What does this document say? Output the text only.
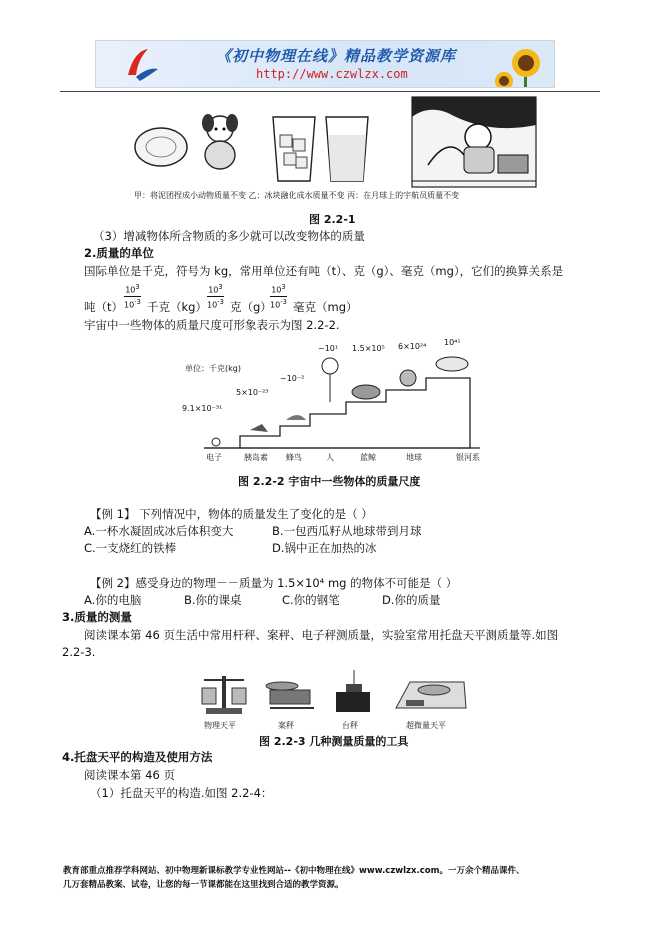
《初中物理在线》精品教学资源库
http://www.czwlzx.com
甲：将泥团捏成小动物质量不变 乙：冰块融化成水质量不变 丙：在月球上的宇航员质量不变
图 2.2-1
（3）增减物体所含物质的多少就可以改变物体的质量
2.质量的单位
国际单位是千克，符号为 kg，常用单位还有吨（t）、克（g）、毫克（mg），它们的换算关系是
吨$(t) \frac{10^3}{10^{-3}}$ 千克$(kg) \frac{10^3}{10^{-3}}$ 克（g）
$\frac{10^3}{10^{-3}}$ 毫克（mg）
宇宙中一些物体的质量尺度可形象表示为图 2.2-2.
单位：千克(kg)
9.1×10⁻³¹
5×10⁻²³
~10⁻²
~10¹ 1.5×10⁵ 6×10²⁴ 10⁴¹
电子	胰岛素 蜂鸟	人	蓝鲸	地球	银河系
图 2.2-2 宇宙中一些物体的质量尺度
【例 1】 下列情况中，物体的质量发生了变化的是（ ）
A.一杯水凝固成冰后体积变大	B.一包西瓜籽从地球带到月球
C.一支烧红的铁棒	D.锅中正在加热的冰
【例 2】感受身边的物理－－质量为 1.5×10⁴ mg 的物体不可能是（ ）
A.你的电脑	B.你的课桌	C.你的钢笔	D.你的质量
3.质量的测量
阅读课本第 46 页生活中常用杆秤、案秤、电子秤测质量，实验室常用托盘天平测质量等.如图
2.2-3.
物理天平	案秤	台秤	超微量天平
图 2.2-3 几种测量质量的工具
4.托盘天平的构造及使用方法
阅读课本第 46 页
（1）托盘天平的构造.如图 2.2-4：
教育部重点推荐学科网站、初中物理新课标教学专业性网站--《初中物理在线》www.czwlzx.com。一万余个精品课件、
几万套精品教案、试卷，让您的每一节课都能在这里找到合适的教学资源。
